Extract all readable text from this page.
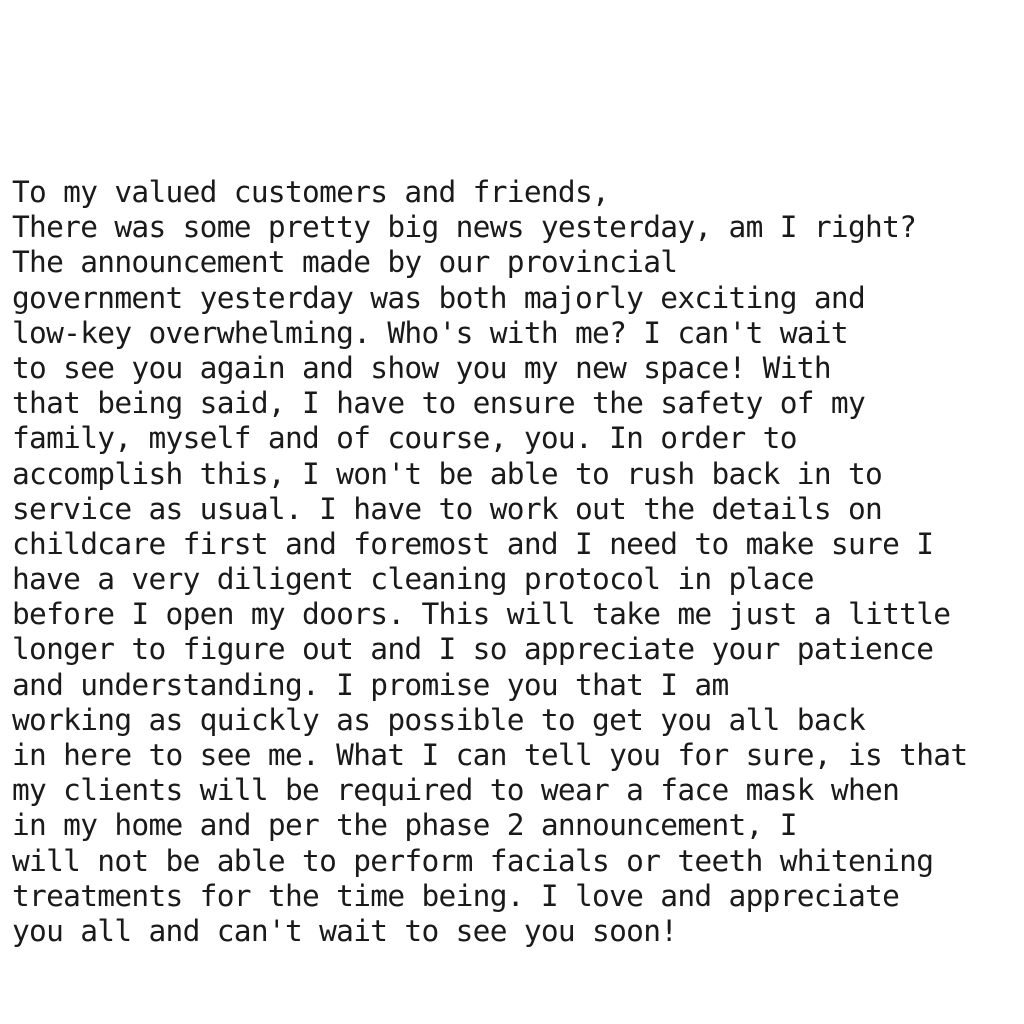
To my valued customers and friends,
There was some pretty big news yesterday, am I right?
The announcement made by our provincial
government yesterday was both majorly exciting and
low-key overwhelming. Who's with me? I can't wait
to see you again and show you my new space! With
that being said, I have to ensure the safety of my
family, myself and of course, you. In order to
accomplish this, I won't be able to rush back in to
service as usual. I have to work out the details on
childcare first and foremost and I need to make sure I
have a very diligent cleaning protocol in place
before I open my doors. This will take me just a little
longer to figure out and I so appreciate your patience
and understanding. I promise you that I am
working as quickly as possible to get you all back
in here to see me. What I can tell you for sure, is that
my clients will be required to wear a face mask when
in my home and per the phase 2 announcement, I
will not be able to perform facials or teeth whitening
treatments for the time being. I love and appreciate
you all and can't wait to see you soon!
